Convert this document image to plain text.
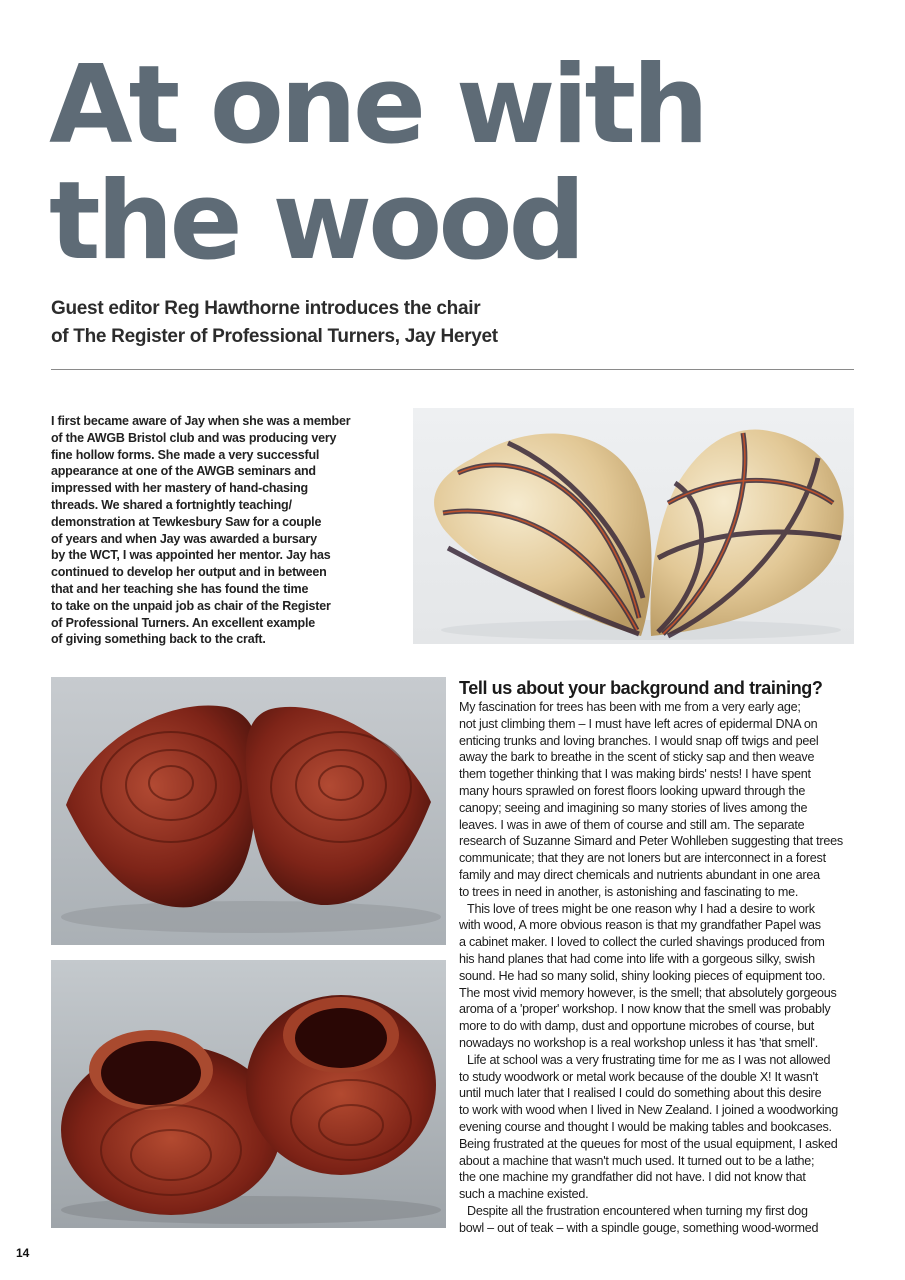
At one with
the wood

Guest editor Reg Hawthorne introduces the chair
of The Register of Professional Turners, Jay Heryet

I first became aware of Jay when she was a member
of the AWGB Bristol club and was producing very
fine hollow forms. She made a very successful
appearance at one of the AWGB seminars and
impressed with her mastery of hand-chasing
threads. We shared a fortnightly teaching/
demonstration at Tewkesbury Saw for a couple
of years and when Jay was awarded a bursary
by the WCT, I was appointed her mentor. Jay has
continued to develop her output and in between
that and her teaching she has found the time
to take on the unpaid job as chair of the Register
of Professional Turners. An excellent example
of giving something back to the craft.

Tell us about your background and training?
My fascination for trees has been with me from a very early age;
not just climbing them – I must have left acres of epidermal DNA on
enticing trunks and loving branches. I would snap off twigs and peel
away the bark to breathe in the scent of sticky sap and then weave
them together thinking that I was making birds' nests! I have spent
many hours sprawled on forest floors looking upward through the
canopy; seeing and imagining so many stories of lives among the
leaves. I was in awe of them of course and still am. The separate
research of Suzanne Simard and Peter Wohlleben suggesting that trees
communicate; that they are not loners but are interconnect in a forest
family and may direct chemicals and nutrients abundant in one area
to trees in need in another, is astonishing and fascinating to me.
This love of trees might be one reason why I had a desire to work
with wood, A more obvious reason is that my grandfather Papel was
a cabinet maker. I loved to collect the curled shavings produced from
his hand planes that had come into life with a gorgeous silky, swish
sound. He had so many solid, shiny looking pieces of equipment too.
The most vivid memory however, is the smell; that absolutely gorgeous
aroma of a 'proper' workshop. I now know that the smell was probably
more to do with damp, dust and opportune microbes of course, but
nowadays no workshop is a real workshop unless it has 'that smell'.
Life at school was a very frustrating time for me as I was not allowed
to study woodwork or metal work because of the double X! It wasn't
until much later that I realised I could do something about this desire
to work with wood when I lived in New Zealand. I joined a woodworking
evening course and thought I would be making tables and bookcases.
Being frustrated at the queues for most of the usual equipment, I asked
about a machine that wasn't much used. It turned out to be a lathe;
the one machine my grandfather did not have. I did not know that
such a machine existed.
Despite all the frustration encountered when turning my first dog
bowl – out of teak – with a spindle gouge, something wood-wormed

14
